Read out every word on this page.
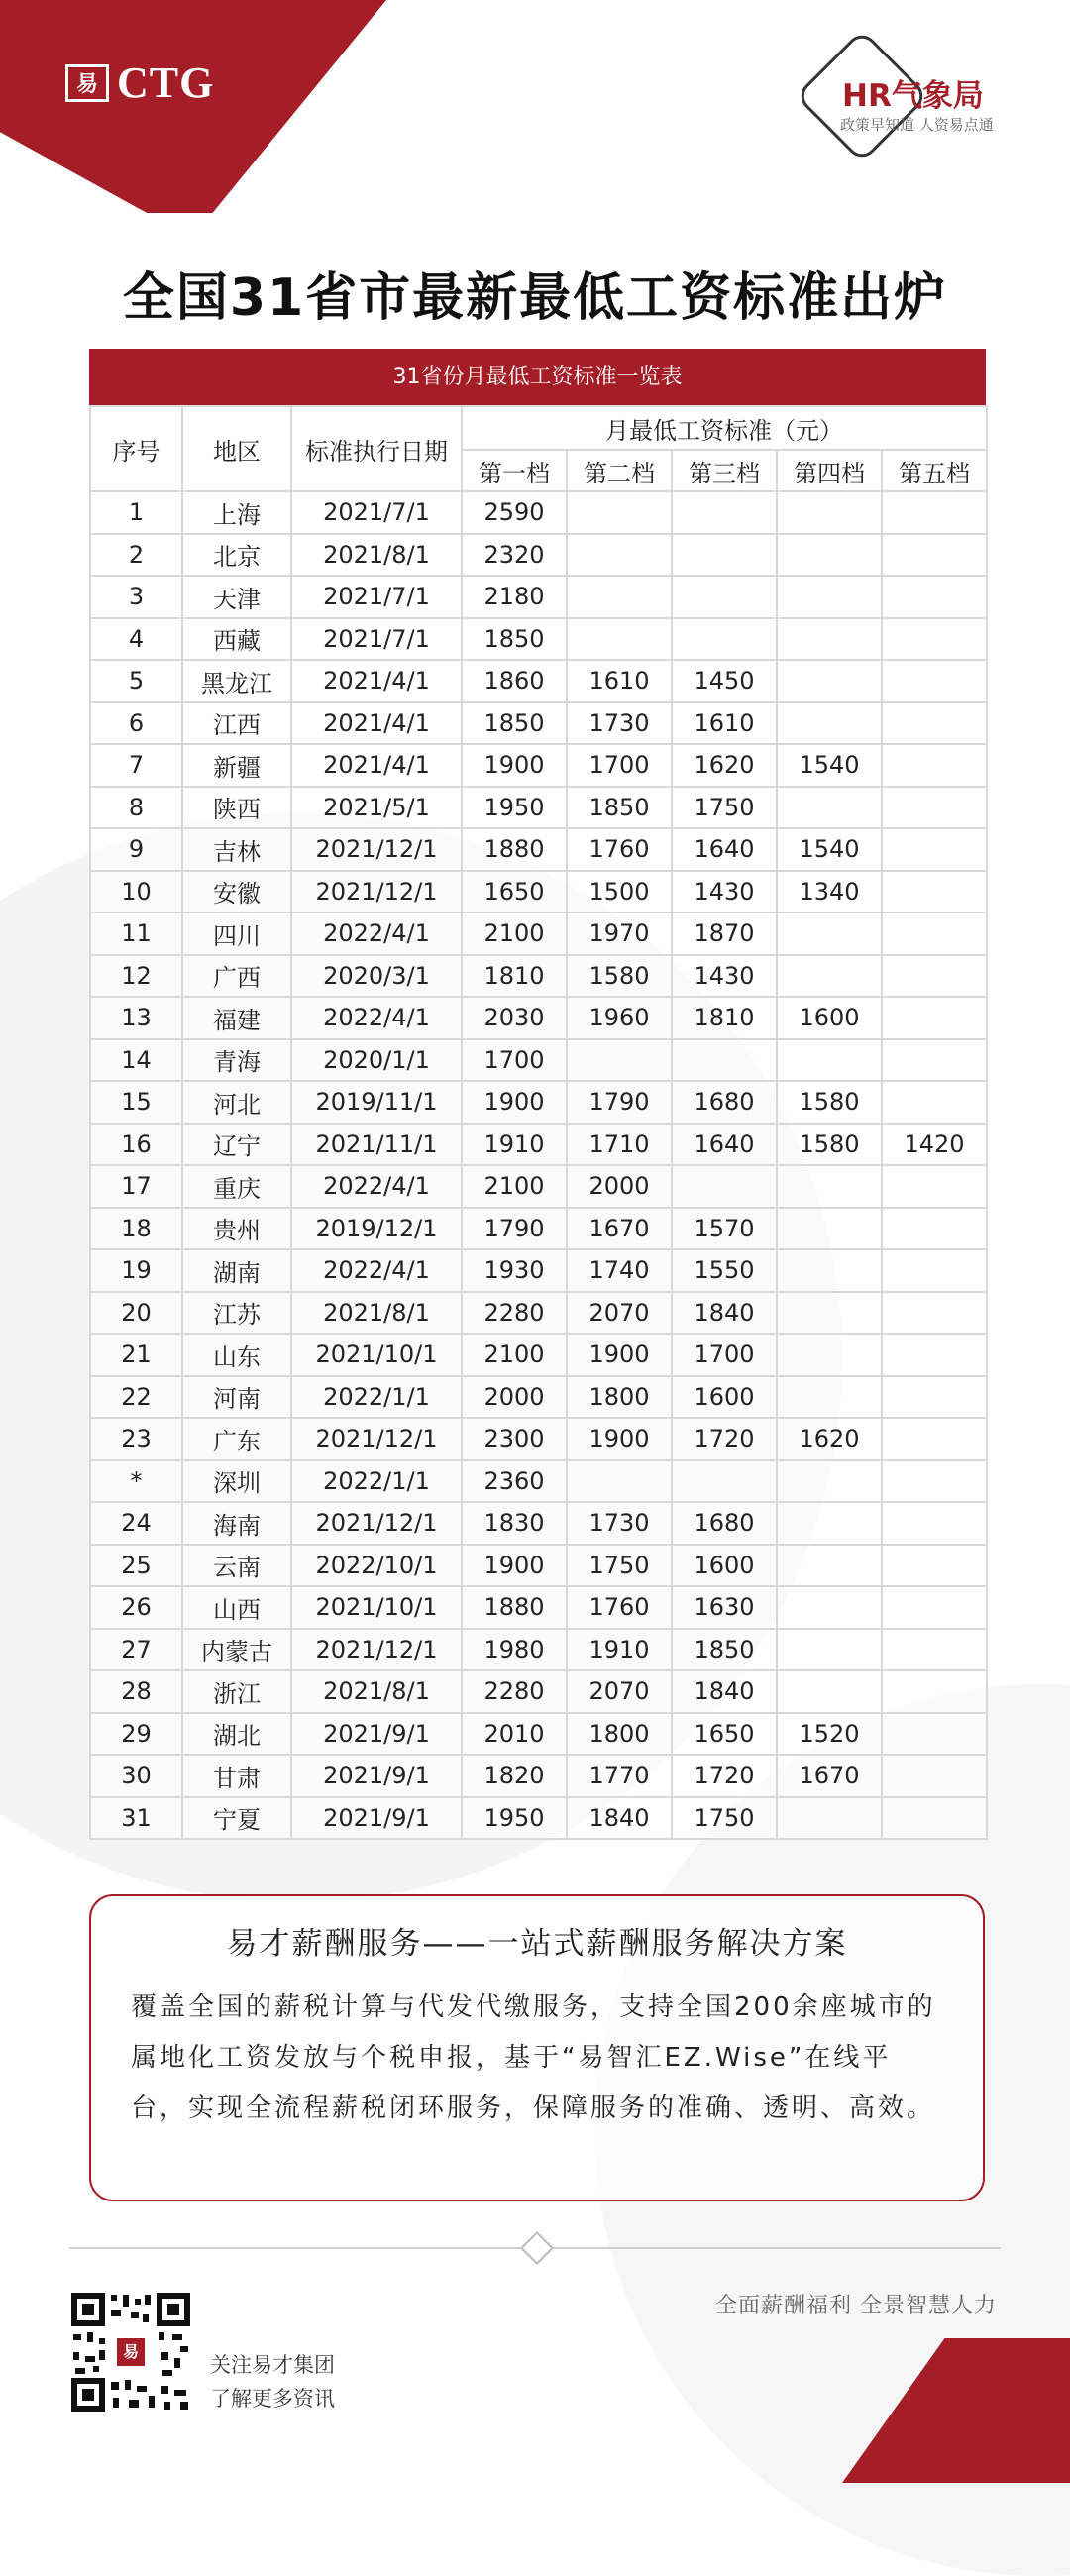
易 CTG	HR气象局
政策早知道 人资易点通
全国31省市最新最低工资标准出炉
31省份月最低工资标准一览表
序号	地区	标准执行日期	月最低工资标准（元）				
			第一档	第二档	第三档	第四档	第五档
1	上海	2021/7/1	2590				
2	北京	2021/8/1	2320				
3	天津	2021/7/1	2180				
4	西藏	2021/7/1	1850				
5	黑龙江	2021/4/1	1860	1610	1450		
6	江西	2021/4/1	1850	1730	1610		
7	新疆	2021/4/1	1900	1700	1620	1540	
8	陕西	2021/5/1	1950	1850	1750		
9	吉林	2021/12/1	1880	1760	1640	1540	
10	安徽	2021/12/1	1650	1500	1430	1340	
11	四川	2022/4/1	2100	1970	1870		
12	广西	2020/3/1	1810	1580	1430		
13	福建	2022/4/1	2030	1960	1810	1600	
14	青海	2020/1/1	1700				
15	河北	2019/11/1	1900	1790	1680	1580	
16	辽宁	2021/11/1	1910	1710	1640	1580	1420
17	重庆	2022/4/1	2100	2000			
18	贵州	2019/12/1	1790	1670	1570		
19	湖南	2022/4/1	1930	1740	1550		
20	江苏	2021/8/1	2280	2070	1840		
21	山东	2021/10/1	2100	1900	1700		
22	河南	2022/1/1	2000	1800	1600		
23	广东	2021/12/1	2300	1900	1720	1620	
*	深圳	2022/1/1	2360				
24	海南	2021/12/1	1830	1730	1680		
25	云南	2022/10/1	1900	1750	1600		
26	山西	2021/10/1	1880	1760	1630		
27	内蒙古	2021/12/1	1980	1910	1850		
28	浙江	2021/8/1	2280	2070	1840		
29	湖北	2021/9/1	2010	1800	1650	1520	
30	甘肃	2021/9/1	1820	1770	1720	1670	
31	宁夏	2021/9/1	1950	1840	1750		
易才薪酬服务——一站式薪酬服务解决方案
覆盖全国的薪税计算与代发代缴服务，支持全国200余座城市的属地化工资发放与个税申报，基于“易智汇EZ.Wise”在线平台，实现全流程薪税闭环服务，保障服务的准确、透明、高效。
易
关注易才集团
了解更多资讯
全面薪酬福利 全景智慧人力
